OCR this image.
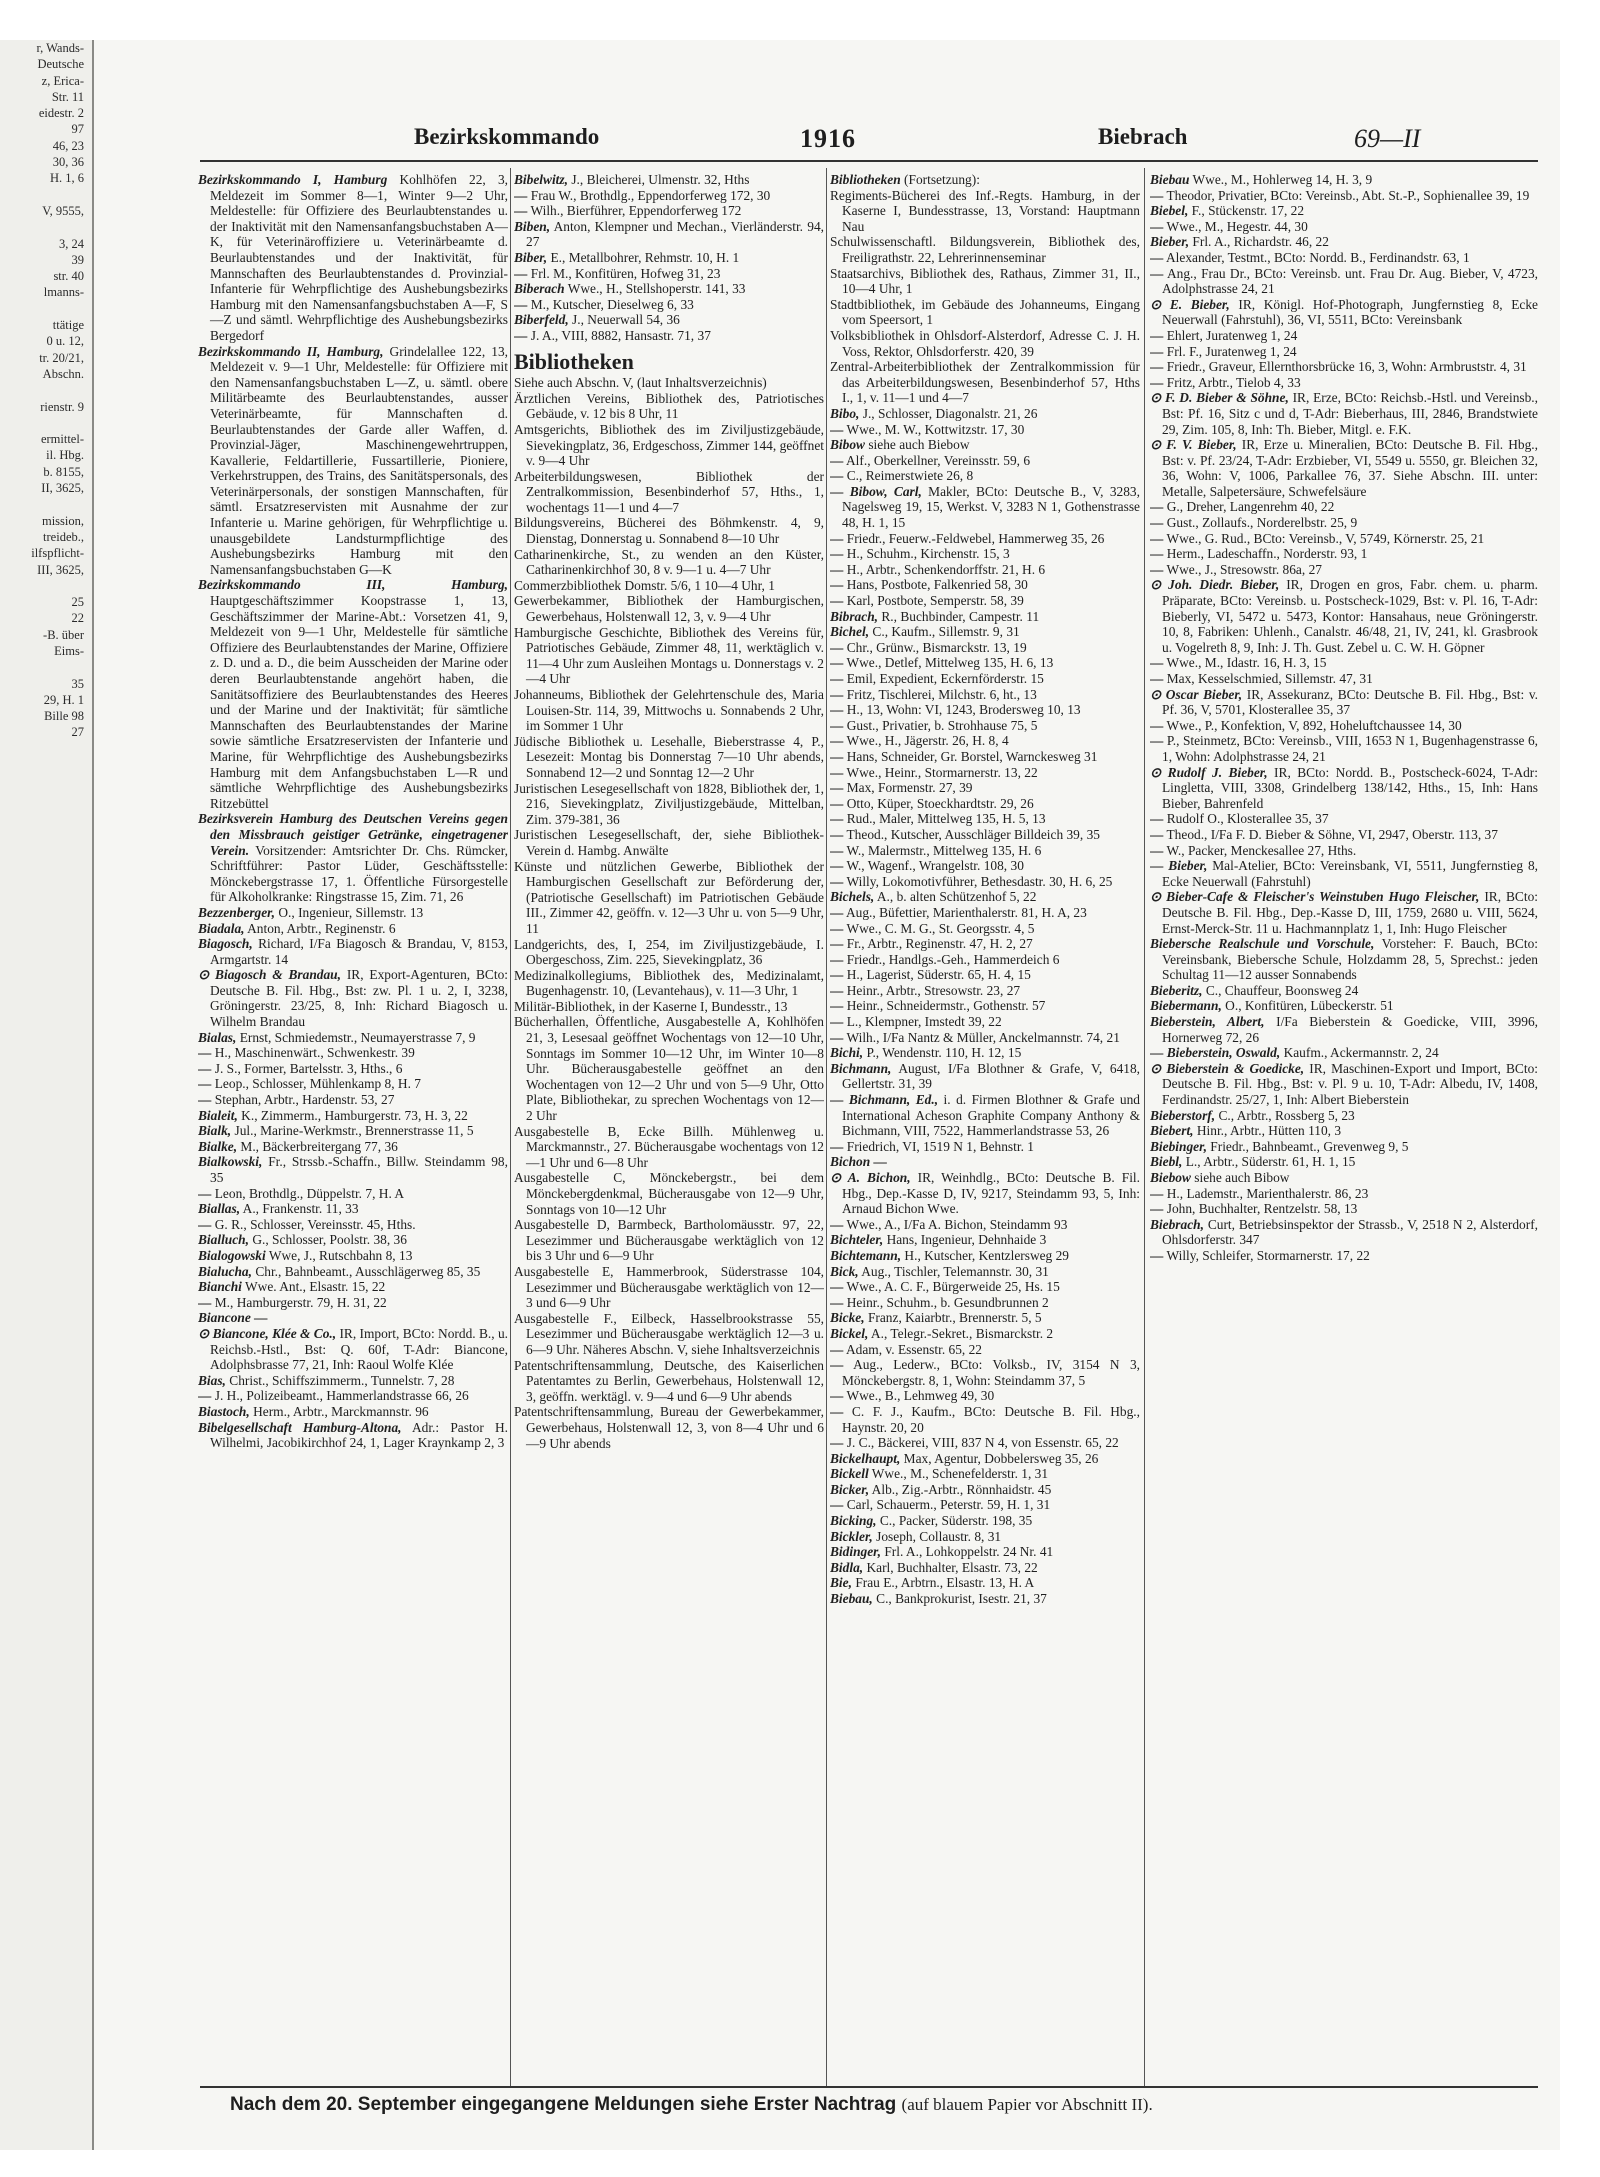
r, Wands-
Deutsche
z, Erica-
Str. 11
eidestr. 2
97
46, 23
30, 36
H. 1, 6

V, 9555,

3, 24
39
str. 40
lmanns-

ttätige
0 u. 12,
tr. 20/21,
Abschn.

rienstr. 9

ermittel-
il. Hbg.
b. 8155,
II, 3625,

mission,
treideb.,
ilfspflicht-
III, 3625,

25
22
-B. über
Eims-

35
29, H. 1
Bille 98
27
Bezirkskommando	1916	Biebrach	69—II

Bezirkskommando I, Hamburg Kohlhöfen 22, 3, Meldezeit im Sommer 8—1, Winter 9—2 Uhr, Meldestelle: für Offiziere des Beurlaubtenstandes u. der Inaktivität mit den Namensanfangsbuchstaben A—K, für Veterinäroffiziere u. Veterinärbeamte d. Beurlaubtenstandes und der Inaktivität, für Mannschaften des Beurlaubtenstandes d. Provinzial-Infanterie für Wehrpflichtige des Aushebungsbezirks Hamburg mit den Namensanfangsbuchstaben A—F, S—Z und sämtl. Wehrpflichtige des Aushebungsbezirks Bergedorf

Bezirkskommando II, Hamburg, Grindelallee 122, 13, Meldezeit v. 9—1 Uhr, Meldestelle: für Offiziere mit den Namensanfangsbuchstaben L—Z, u. sämtl. obere Militärbeamte des Beurlaubtenstandes, ausser Veterinärbeamte, für Mannschaften d. Beurlaubtenstandes der Garde aller Waffen, d. Provinzial-Jäger, Maschinengewehrtruppen, Kavallerie, Feldartillerie, Fussartillerie, Pioniere, Verkehrstruppen, des Trains, des Sanitätspersonals, des Veterinärpersonals, der sonstigen Mannschaften, für sämtl. Ersatzreservisten mit Ausnahme der zur Infanterie u. Marine gehörigen, für Wehrpflichtige u. unausgebildete Landsturmpflichtige des Aushebungsbezirks Hamburg mit den Namensanfangsbuchstaben G—K

Bezirkskommando III, Hamburg, Hauptgeschäftszimmer Koopstrasse 1, 13, Geschäftszimmer der Marine-Abt.: Vorsetzen 41, 9, Meldezeit von 9—1 Uhr, Meldestelle für sämtliche Offiziere des Beurlaubtenstandes der Marine, Offiziere z. D. und a. D., die beim Ausscheiden der Marine oder deren Beurlaubtenstande angehört haben, die Sanitätsoffiziere des Beurlaubtenstandes des Heeres und der Marine und der Inaktivität; für sämtliche Mannschaften des Beurlaubtenstandes der Marine sowie sämtliche Ersatzreservisten der Infanterie und Marine, für Wehrpflichtige des Aushebungsbezirks Hamburg mit dem Anfangsbuchstaben L—R und sämtliche Wehrpflichtige des Aushebungsbezirks Ritzebüttel

Bezirksverein Hamburg des Deutschen Vereins gegen den Missbrauch geistiger Getränke, eingetragener Verein. Vorsitzender: Amtsrichter Dr. Chs. Rümcker, Schriftführer: Pastor Lüder, Geschäftsstelle: Mönckebergstrasse 17, 1. Öffentliche Fürsorgestelle für Alkoholkranke: Ringstrasse 15, Zim. 71, 26

Bezzenberger, O., Ingenieur, Sillemstr. 13

Biadala, Anton, Arbtr., Reginenstr. 6

Biagosch, Richard, I/Fa Biagosch & Brandau, V, 8153, Armgartstr. 14

⊙ Biagosch & Brandau, IR, Export-Agenturen, BCto: Deutsche B. Fil. Hbg., Bst: zw. Pl. 1 u. 2, I, 3238, Gröningerstr. 23/25, 8, Inh: Richard Biagosch u. Wilhelm Brandau

Bialas, Ernst, Schmiedemstr., Neumayerstrasse 7, 9

— H., Maschinenwärt., Schwenkestr. 39

— J. S., Former, Bartelsstr. 3, Hths., 6

— Leop., Schlosser, Mühlenkamp 8, H. 7

— Stephan, Arbtr., Hardenstr. 53, 27

Bialeit, K., Zimmerm., Hamburgerstr. 73, H. 3, 22

Bialk, Jul., Marine-Werkmstr., Brennerstrasse 11, 5

Bialke, M., Bäckerbreitergang 77, 36

Bialkowski, Fr., Strssb.-Schaffn., Billw. Steindamm 98, 35

— Leon, Brothdlg., Düppelstr. 7, H. A

Biallas, A., Frankenstr. 11, 33

— G. R., Schlosser, Vereinsstr. 45, Hths.

Bialluch, G., Schlosser, Poolstr. 38, 36

Bialogowski Wwe, J., Rutschbahn 8, 13

Bialucha, Chr., Bahnbeamt., Ausschlägerweg 85, 35

Bianchi Wwe. Ant., Elsastr. 15, 22

— M., Hamburgerstr. 79, H. 31, 22

Biancone —

⊙ Biancone, Klée & Co., IR, Import, BCto: Nordd. B., u. Reichsb.-Hstl., Bst: Q. 60f, T-Adr: Biancone, Adolphsbrasse 77, 21, Inh: Raoul Wolfe Klée

Bias, Christ., Schiffszimmerm., Tunnelstr. 7, 28

— J. H., Polizeibeamt., Hammerlandstrasse 66, 26

Biastoch, Herm., Arbtr., Marckmannstr. 96

Bibelgesellschaft Hamburg-Altona, Adr.: Pastor H. Wilhelmi, Jacobikirchhof 24, 1, Lager Kraynkamp 2, 3

Bibelwitz, J., Bleicherei, Ulmenstr. 32, Hths

— Frau W., Brothdlg., Eppendorferweg 172, 30

— Wilh., Bierführer, Eppendorferweg 172

Biben, Anton, Klempner und Mechan., Vierländerstr. 94, 27

Biber, E., Metallbohrer, Rehmstr. 10, H. 1

— Frl. M., Konfitüren, Hofweg 31, 23

Biberach Wwe., H., Stellshoperstr. 141, 33

— M., Kutscher, Dieselweg 6, 33

Biberfeld, J., Neuerwall 54, 36

— J. A., VIII, 8882, Hansastr. 71, 37

Bibliotheken

Siehe auch Abschn. V, (laut Inhaltsverzeichnis)

Ärztlichen Vereins, Bibliothek des, Patriotisches Gebäude, v. 12 bis 8 Uhr, 11

Amtsgerichts, Bibliothek des im Ziviljustizgebäude, Sievekingplatz, 36, Erdgeschoss, Zimmer 144, geöffnet v. 9—4 Uhr

Arbeiterbildungswesen, Bibliothek der Zentralkommission, Besenbinderhof 57, Hths., 1, wochentags 11—1 und 4—7

Bildungsvereins, Bücherei des Böhmkenstr. 4, 9, Dienstag, Donnerstag u. Sonnabend 8—10 Uhr

Catharinenkirche, St., zu wenden an den Küster, Catharinenkirchhof 30, 8 v. 9—1 u. 4—7 Uhr

Commerzbibliothek Domstr. 5/6, 1 10—4 Uhr, 1

Gewerbekammer, Bibliothek der Hamburgischen, Gewerbehaus, Holstenwall 12, 3, v. 9—4 Uhr

Hamburgische Geschichte, Bibliothek des Vereins für, Patriotisches Gebäude, Zimmer 48, 11, werktäglich v. 11—4 Uhr zum Ausleihen Montags u. Donnerstags v. 2—4 Uhr

Johanneums, Bibliothek der Gelehrtenschule des, Maria Louisen-Str. 114, 39, Mittwochs u. Sonnabends 2 Uhr, im Sommer 1 Uhr

Jüdische Bibliothek u. Lesehalle, Bieberstrasse 4, P., Lesezeit: Montag bis Donnerstag 7—10 Uhr abends, Sonnabend 12—2 und Sonntag 12—2 Uhr

Juristischen Lesegesellschaft von 1828, Bibliothek der, 1, 216, Sievekingplatz, Ziviljustizgebäude, Mittelban, Zim. 379-381, 36

Juristischen Lesegesellschaft, der, siehe Bibliothek-Verein d. Hambg. Anwälte

Künste und nützlichen Gewerbe, Bibliothek der Hamburgischen Gesellschaft zur Beförderung der, (Patriotische Gesellschaft) im Patriotischen Gebäude III., Zimmer 42, geöffn. v. 12—3 Uhr u. von 5—9 Uhr, 11

Landgerichts, des, I, 254, im Ziviljustizgebäude, I. Obergeschoss, Zim. 225, Sievekingplatz, 36

Medizinalkollegiums, Bibliothek des, Medizinalamt, Bugenhagenstr. 10, (Levantehaus), v. 11—3 Uhr, 1

Militär-Bibliothek, in der Kaserne I, Bundesstr., 13

Bücherhallen, Öffentliche, Ausgabestelle A, Kohlhöfen 21, 3, Lesesaal geöffnet Wochentags von 12—10 Uhr, Sonntags im Sommer 10—12 Uhr, im Winter 10—8 Uhr. Bücherausgabestelle geöffnet an den Wochentagen von 12—2 Uhr und von 5—9 Uhr, Otto Plate, Bibliothekar, zu sprechen Wochentags von 12—2 Uhr

Ausgabestelle B, Ecke Billh. Mühlenweg u. Marckmannstr., 27. Bücherausgabe wochentags von 12—1 Uhr und 6—8 Uhr

Ausgabestelle C, Mönckebergstr., bei dem Mönckebergdenkmal, Bücherausgabe von 12—9 Uhr, Sonntags von 10—12 Uhr

Ausgabestelle D, Barmbeck, Bartholomäusstr. 97, 22, Lesezimmer und Bücherausgabe werktäglich von 12 bis 3 Uhr und 6—9 Uhr

Ausgabestelle E, Hammerbrook, Süderstrasse 104, Lesezimmer und Bücherausgabe werktäglich von 12—3 und 6—9 Uhr

Ausgabestelle F., Eilbeck, Hasselbrookstrasse 55, Lesezimmer und Bücherausgabe werktäglich 12—3 u. 6—9 Uhr. Näheres Abschn. V, siehe Inhaltsverzeichnis

Patentschriftensammlung, Deutsche, des Kaiserlichen Patentamtes zu Berlin, Gewerbehaus, Holstenwall 12, 3, geöffn. werktägl. v. 9—4 und 6—9 Uhr abends

Patentschriftensammlung, Bureau der Gewerbekammer, Gewerbehaus, Holstenwall 12, 3, von 8—4 Uhr und 6—9 Uhr abends

Bibliotheken (Fortsetzung):

Regiments-Bücherei des Inf.-Regts. Hamburg, in der Kaserne I, Bundesstrasse, 13, Vorstand: Hauptmann Nau

Schulwissenschaftl. Bildungsverein, Bibliothek des, Freiligrathstr. 22, Lehrerinnenseminar

Staatsarchivs, Bibliothek des, Rathaus, Zimmer 31, II., 10—4 Uhr, 1

Stadtbibliothek, im Gebäude des Johanneums, Eingang vom Speersort, 1

Volksbibliothek in Ohlsdorf-Alsterdorf, Adresse C. J. H. Voss, Rektor, Ohlsdorferstr. 420, 39

Zentral-Arbeiterbibliothek der Zentralkommission für das Arbeiterbildungswesen, Besenbinderhof 57, Hths I., 1, v. 11—1 und 4—7

Bibo, J., Schlosser, Diagonalstr. 21, 26

— Wwe., M. W., Kottwitzstr. 17, 30

Bibow siehe auch Biebow

— Alf., Oberkellner, Vereinsstr. 59, 6

— C., Reimerstwiete 26, 8

— Bibow, Carl, Makler, BCto: Deutsche B., V, 3283, Nagelsweg 19, 15, Werkst. V, 3283 N 1, Gothenstrasse 48, H. 1, 15

— Friedr., Feuerw.-Feldwebel, Hammerweg 35, 26

— H., Schuhm., Kirchenstr. 15, 3

— H., Arbtr., Schenkendorffstr. 21, H. 6

— Hans, Postbote, Falkenried 58, 30

— Karl, Postbote, Semperstr. 58, 39

Bibrach, R., Buchbinder, Campestr. 11

Bichel, C., Kaufm., Sillemstr. 9, 31

— Chr., Grünw., Bismarckstr. 13, 19

— Wwe., Detlef, Mittelweg 135, H. 6, 13

— Emil, Expedient, Eckernförderstr. 15

— Fritz, Tischlerei, Milchstr. 6, ht., 13

— H., 13, Wohn: VI, 1243, Brodersweg 10, 13

— Gust., Privatier, b. Strohhause 75, 5

— Wwe., H., Jägerstr. 26, H. 8, 4

— Hans, Schneider, Gr. Borstel, Warnckesweg 31

— Wwe., Heinr., Stormarnerstr. 13, 22

— Max, Formenstr. 27, 39

— Otto, Küper, Stoeckhardtstr. 29, 26

— Rud., Maler, Mittelweg 135, H. 5, 13

— Theod., Kutscher, Ausschläger Billdeich 39, 35

— W., Malermstr., Mittelweg 135, H. 6

— W., Wagenf., Wrangelstr. 108, 30

— Willy, Lokomotivführer, Bethesdastr. 30, H. 6, 25

Bichels, A., b. alten Schützenhof 5, 22

— Aug., Büfettier, Marienthalerstr. 81, H. A, 23

— Wwe., C. M. G., St. Georgsstr. 4, 5

— Fr., Arbtr., Reginenstr. 47, H. 2, 27

— Friedr., Handlgs.-Geh., Hammerdeich 6

— H., Lagerist, Süderstr. 65, H. 4, 15

— Heinr., Arbtr., Stresowstr. 23, 27

— Heinr., Schneidermstr., Gothenstr. 57

— L., Klempner, Imstedt 39, 22

— Wilh., I/Fa Nantz & Müller, Anckelmannstr. 74, 21

Bichi, P., Wendenstr. 110, H. 12, 15

Bichmann, August, I/Fa Blothner & Grafe, V, 6418, Gellertstr. 31, 39

— Bichmann, Ed., i. d. Firmen Blothner & Grafe und International Acheson Graphite Company Anthony & Bichmann, VIII, 7522, Hammerlandstrasse 53, 26

— Friedrich, VI, 1519 N 1, Behnstr. 1

Bichon —

⊙ A. Bichon, IR, Weinhdlg., BCto: Deutsche B. Fil. Hbg., Dep.-Kasse D, IV, 9217, Steindamm 93, 5, Inh: Arnaud Bichon Wwe.

— Wwe., A., I/Fa A. Bichon, Steindamm 93

Bichteler, Hans, Ingenieur, Dehnhaide 3

Bichtemann, H., Kutscher, Kentzlersweg 29

Bick, Aug., Tischler, Telemannstr. 30, 31

— Wwe., A. C. F., Bürgerweide 25, Hs. 15

— Heinr., Schuhm., b. Gesundbrunnen 2

Bicke, Franz, Kaiarbtr., Brennerstr. 5, 5

Bickel, A., Telegr.-Sekret., Bismarckstr. 2

— Adam, v. Essenstr. 65, 22

— Aug., Lederw., BCto: Volksb., IV, 3154 N 3, Mönckebergstr. 8, 1, Wohn: Steindamm 37, 5

— Wwe., B., Lehmweg 49, 30

— C. F. J., Kaufm., BCto: Deutsche B. Fil. Hbg., Haynstr. 20, 20

— J. C., Bäckerei, VIII, 837 N 4, von Essenstr. 65, 22

Bickelhaupt, Max, Agentur, Dobbelersweg 35, 26

Bickell Wwe., M., Schenefelderstr. 1, 31

Bicker, Alb., Zig.-Arbtr., Rönnhaidstr. 45

— Carl, Schauerm., Peterstr. 59, H. 1, 31

Bicking, C., Packer, Süderstr. 198, 35

Bickler, Joseph, Collaustr. 8, 31

Bidinger, Frl. A., Lohkoppelstr. 24 Nr. 41

Bidla, Karl, Buchhalter, Elsastr. 73, 22

Bie, Frau E., Arbtrn., Elsastr. 13, H. A

Biebau, C., Bankprokurist, Isestr. 21, 37

Biebau Wwe., M., Hohlerweg 14, H. 3, 9

— Theodor, Privatier, BCto: Vereinsb., Abt. St.-P., Sophienallee 39, 19

Biebel, F., Stückenstr. 17, 22

— Wwe., M., Hegestr. 44, 30

Bieber, Frl. A., Richardstr. 46, 22

— Alexander, Testmt., BCto: Nordd. B., Ferdinandstr. 63, 1

— Ang., Frau Dr., BCto: Vereinsb. unt. Frau Dr. Aug. Bieber, V, 4723, Adolphstrasse 24, 21

⊙ E. Bieber, IR, Königl. Hof-Photograph, Jungfernstieg 8, Ecke Neuerwall (Fahrstuhl), 36, VI, 5511, BCto: Vereinsbank

— Ehlert, Juratenweg 1, 24

— Frl. F., Juratenweg 1, 24

— Friedr., Graveur, Ellernthorsbrücke 16, 3, Wohn: Armbruststr. 4, 31

— Fritz, Arbtr., Tielob 4, 33

⊙ F. D. Bieber & Söhne, IR, Erze, BCto: Reichsb.-Hstl. und Vereinsb., Bst: Pf. 16, Sitz c und d, T-Adr: Bieberhaus, III, 2846, Brandstwiete 29, Zim. 105, 8, Inh: Th. Bieber, Mitgl. e. F.K.

⊙ F. V. Bieber, IR, Erze u. Mineralien, BCto: Deutsche B. Fil. Hbg., Bst: v. Pf. 23/24, T-Adr: Erzbieber, VI, 5549 u. 5550, gr. Bleichen 32, 36, Wohn: V, 1006, Parkallee 76, 37. Siehe Abschn. III. unter: Metalle, Salpetersäure, Schwefelsäure

— G., Dreher, Langenrehm 40, 22

— Gust., Zollaufs., Norderelbstr. 25, 9

— Wwe., G. Rud., BCto: Vereinsb., V, 5749, Körnerstr. 25, 21

— Herm., Ladeschaffn., Norderstr. 93, 1

— Wwe., J., Stresowstr. 86a, 27

⊙ Joh. Diedr. Bieber, IR, Drogen en gros, Fabr. chem. u. pharm. Präparate, BCto: Vereinsb. u. Postscheck-1029, Bst: v. Pl. 16, T-Adr: Bieberly, VI, 5472 u. 5473, Kontor: Hansahaus, neue Gröningerstr. 10, 8, Fabriken: Uhlenh., Canalstr. 46/48, 21, IV, 241, kl. Grasbrook u. Vogelreth 8, 9, Inh: J. Th. Gust. Zebel u. C. W. H. Göpner

— Wwe., M., Idastr. 16, H. 3, 15

— Max, Kesselschmied, Sillemstr. 47, 31

⊙ Oscar Bieber, IR, Assekuranz, BCto: Deutsche B. Fil. Hbg., Bst: v. Pf. 36, V, 5701, Klosterallee 35, 37

— Wwe., P., Konfektion, V, 892, Hoheluftchaussee 14, 30

— P., Steinmetz, BCto: Vereinsb., VIII, 1653 N 1, Bugenhagenstrasse 6, 1, Wohn: Adolphstrasse 24, 21

⊙ Rudolf J. Bieber, IR, BCto: Nordd. B., Postscheck-6024, T-Adr: Lingletta, VIII, 3308, Grindelberg 138/142, Hths., 15, Inh: Hans Bieber, Bahrenfeld

— Rudolf O., Klosterallee 35, 37

— Theod., I/Fa F. D. Bieber & Söhne, VI, 2947, Oberstr. 113, 37

— W., Packer, Menckesallee 27, Hths.

— Bieber, Mal-Atelier, BCto: Vereinsbank, VI, 5511, Jungfernstieg 8, Ecke Neuerwall (Fahrstuhl)

⊙ Bieber-Cafe & Fleischer's Weinstuben Hugo Fleischer, IR, BCto: Deutsche B. Fil. Hbg., Dep.-Kasse D, III, 1759, 2680 u. VIII, 5624, Ernst-Merck-Str. 11 u. Hachmannplatz 1, 1, Inh: Hugo Fleischer

Biebersche Realschule und Vorschule, Vorsteher: F. Bauch, BCto: Vereinsbank, Biebersche Schule, Holzdamm 28, 5, Sprechst.: jeden Schultag 11—12 ausser Sonnabends

Bieberitz, C., Chauffeur, Boonsweg 24

Biebermann, O., Konfitüren, Lübeckerstr. 51

Bieberstein, Albert, I/Fa Bieberstein & Goedicke, VIII, 3996, Hornerweg 72, 26

— Bieberstein, Oswald, Kaufm., Ackermannstr. 2, 24

⊙ Bieberstein & Goedicke, IR, Maschinen-Export und Import, BCto: Deutsche B. Fil. Hbg., Bst: v. Pl. 9 u. 10, T-Adr: Albedu, IV, 1408, Ferdinandstr. 25/27, 1, Inh: Albert Bieberstein

Bieberstorf, C., Arbtr., Rossberg 5, 23

Biebert, Hinr., Arbtr., Hütten 110, 3

Biebinger, Friedr., Bahnbeamt., Grevenweg 9, 5

Biebl, L., Arbtr., Süderstr. 61, H. 1, 15

Biebow siehe auch Bibow

— H., Lademstr., Marienthalerstr. 86, 23

— John, Buchhalter, Rentzelstr. 58, 13

Biebrach, Curt, Betriebsinspektor der Strassb., V, 2518 N 2, Alsterdorf, Ohlsdorferstr. 347

— Willy, Schleifer, Stormarnerstr. 17, 22

Nach dem 20. September eingegangene Meldungen siehe Erster Nachtrag (auf blauem Papier vor Abschnitt II).
